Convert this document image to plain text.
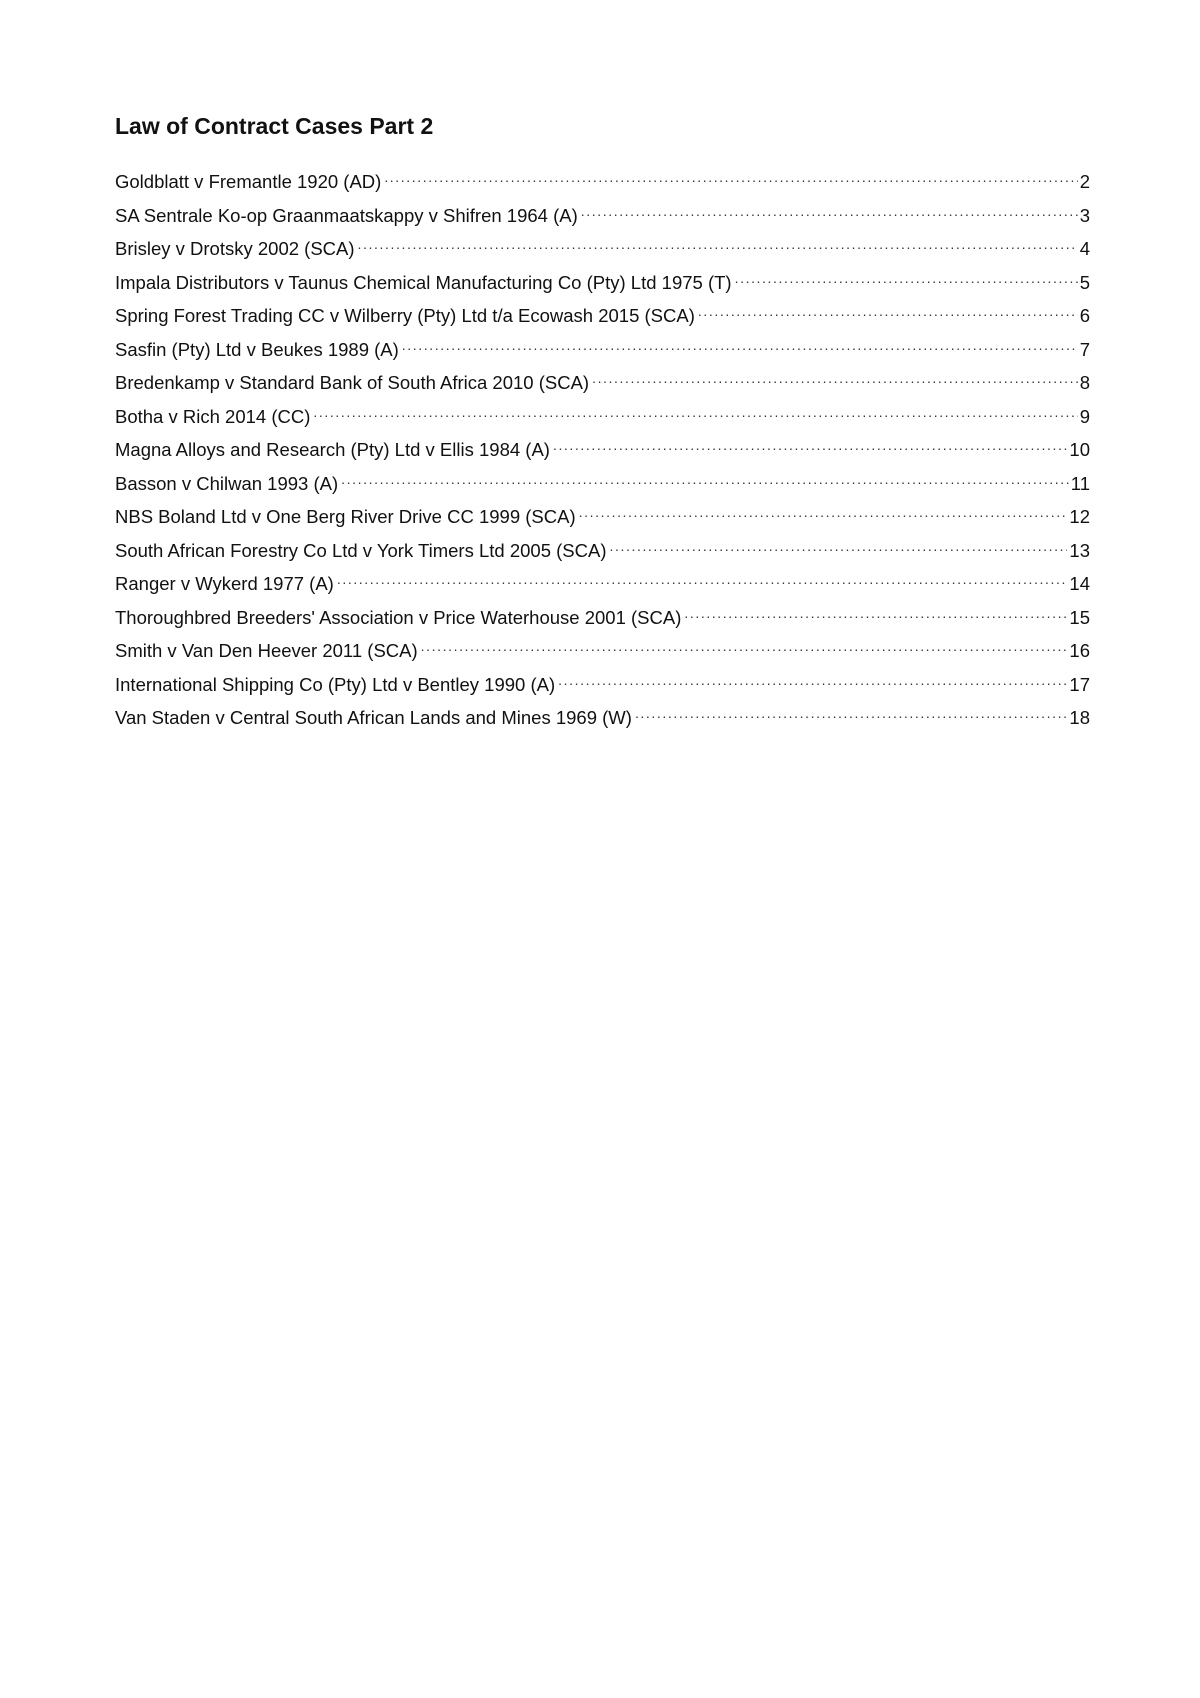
Law of Contract Cases Part 2
Goldblatt v Fremantle 1920 (AD) .....	2
SA Sentrale Ko-op Graanmaatskappy v Shifren 1964 (A) .....	3
Brisley v Drotsky 2002 (SCA) .....	4
Impala Distributors v Taunus Chemical Manufacturing Co (Pty) Ltd 1975 (T) .....	5
Spring Forest Trading CC v Wilberry (Pty) Ltd t/a Ecowash 2015 (SCA) .....	6
Sasfin (Pty) Ltd v Beukes 1989 (A) .....	7
Bredenkamp v Standard Bank of South Africa 2010 (SCA) .....	8
Botha v Rich 2014 (CC) .....	9
Magna Alloys and Research (Pty) Ltd v Ellis 1984 (A) .....	10
Basson v Chilwan 1993 (A) .....	11
NBS Boland Ltd v One Berg River Drive CC 1999 (SCA) .....	12
South African Forestry Co Ltd v York Timers Ltd 2005 (SCA) .....	13
Ranger v Wykerd 1977 (A) .....	14
Thoroughbred Breeders' Association v Price Waterhouse 2001 (SCA) .....	15
Smith v Van Den Heever 2011 (SCA) .....	16
International Shipping Co (Pty) Ltd v Bentley 1990 (A) .....	17
Van Staden v Central South African Lands and Mines 1969 (W) .....	18
